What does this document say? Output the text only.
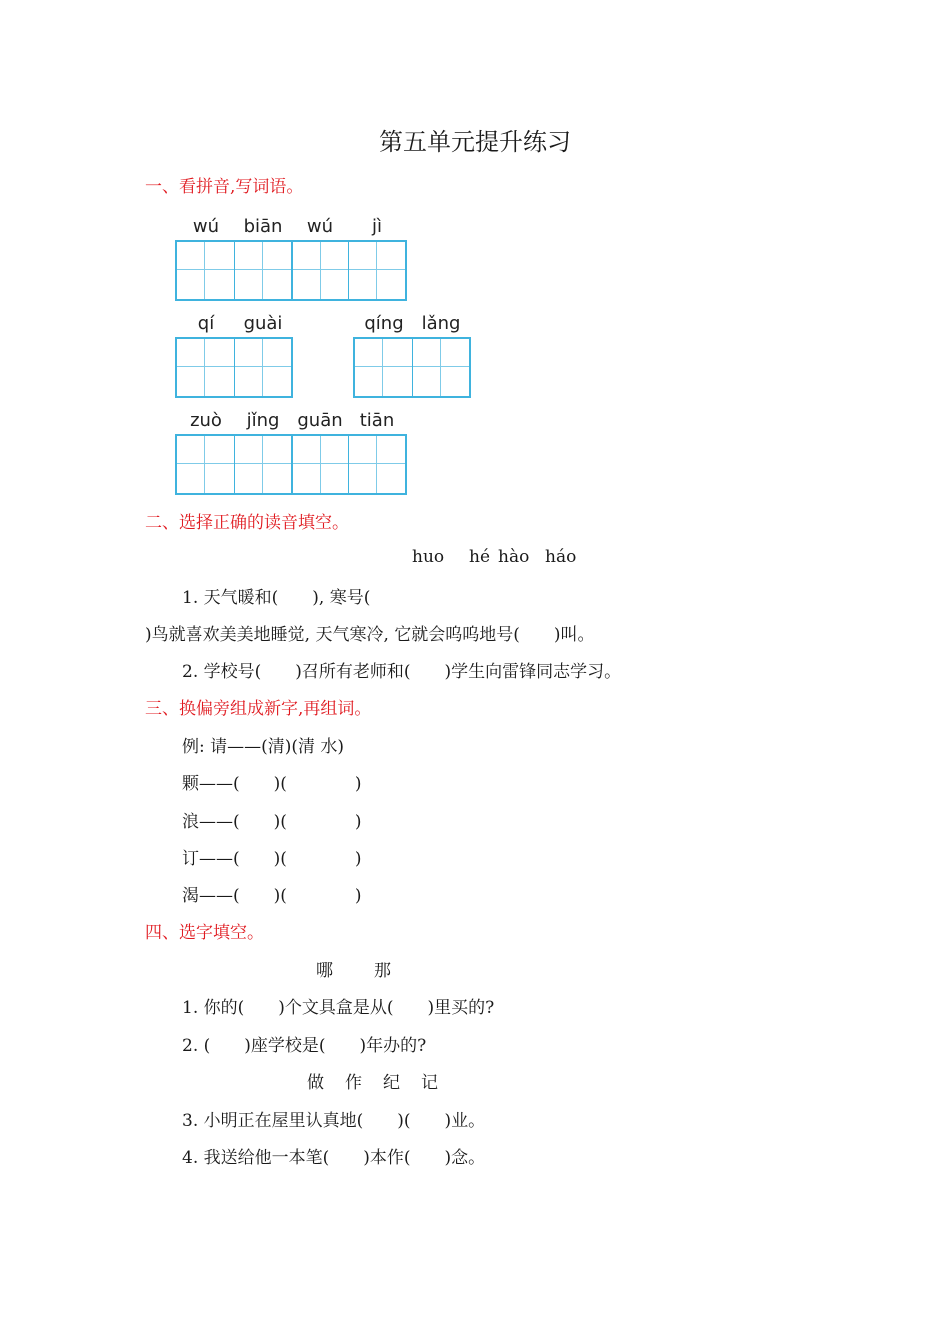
第五单元提升练习
一、看拼音,写词语。
wú	biān	wú	jì
qí	guài	qíng lǎng
zuò	jǐng guān tiān
二、选择正确的读音填空。
huo hé hào háo
1. 天气暖和(　　), 寒号(
)鸟就喜欢美美地睡觉, 天气寒冷, 它就会呜呜地号(　　)叫。
2. 学校号(　　)召所有老师和(　　)学生向雷锋同志学习。
三、换偏旁组成新字,再组词。
例: 请——(清)(清 水)
颗——(　　)(　　　　)
浪——(　　)(　　　　)
订——(　　)(　　　　)
渴——(　　)(　　　　)
四、选字填空。
哪 那
1. 你的(　　)个文具盒是从(　　)里买的?
2. (　　)座学校是(　　)年办的?
做 作 纪 记
3. 小明正在屋里认真地(　　)(　　)业。
4. 我送给他一本笔(　　)本作(　　)念。
